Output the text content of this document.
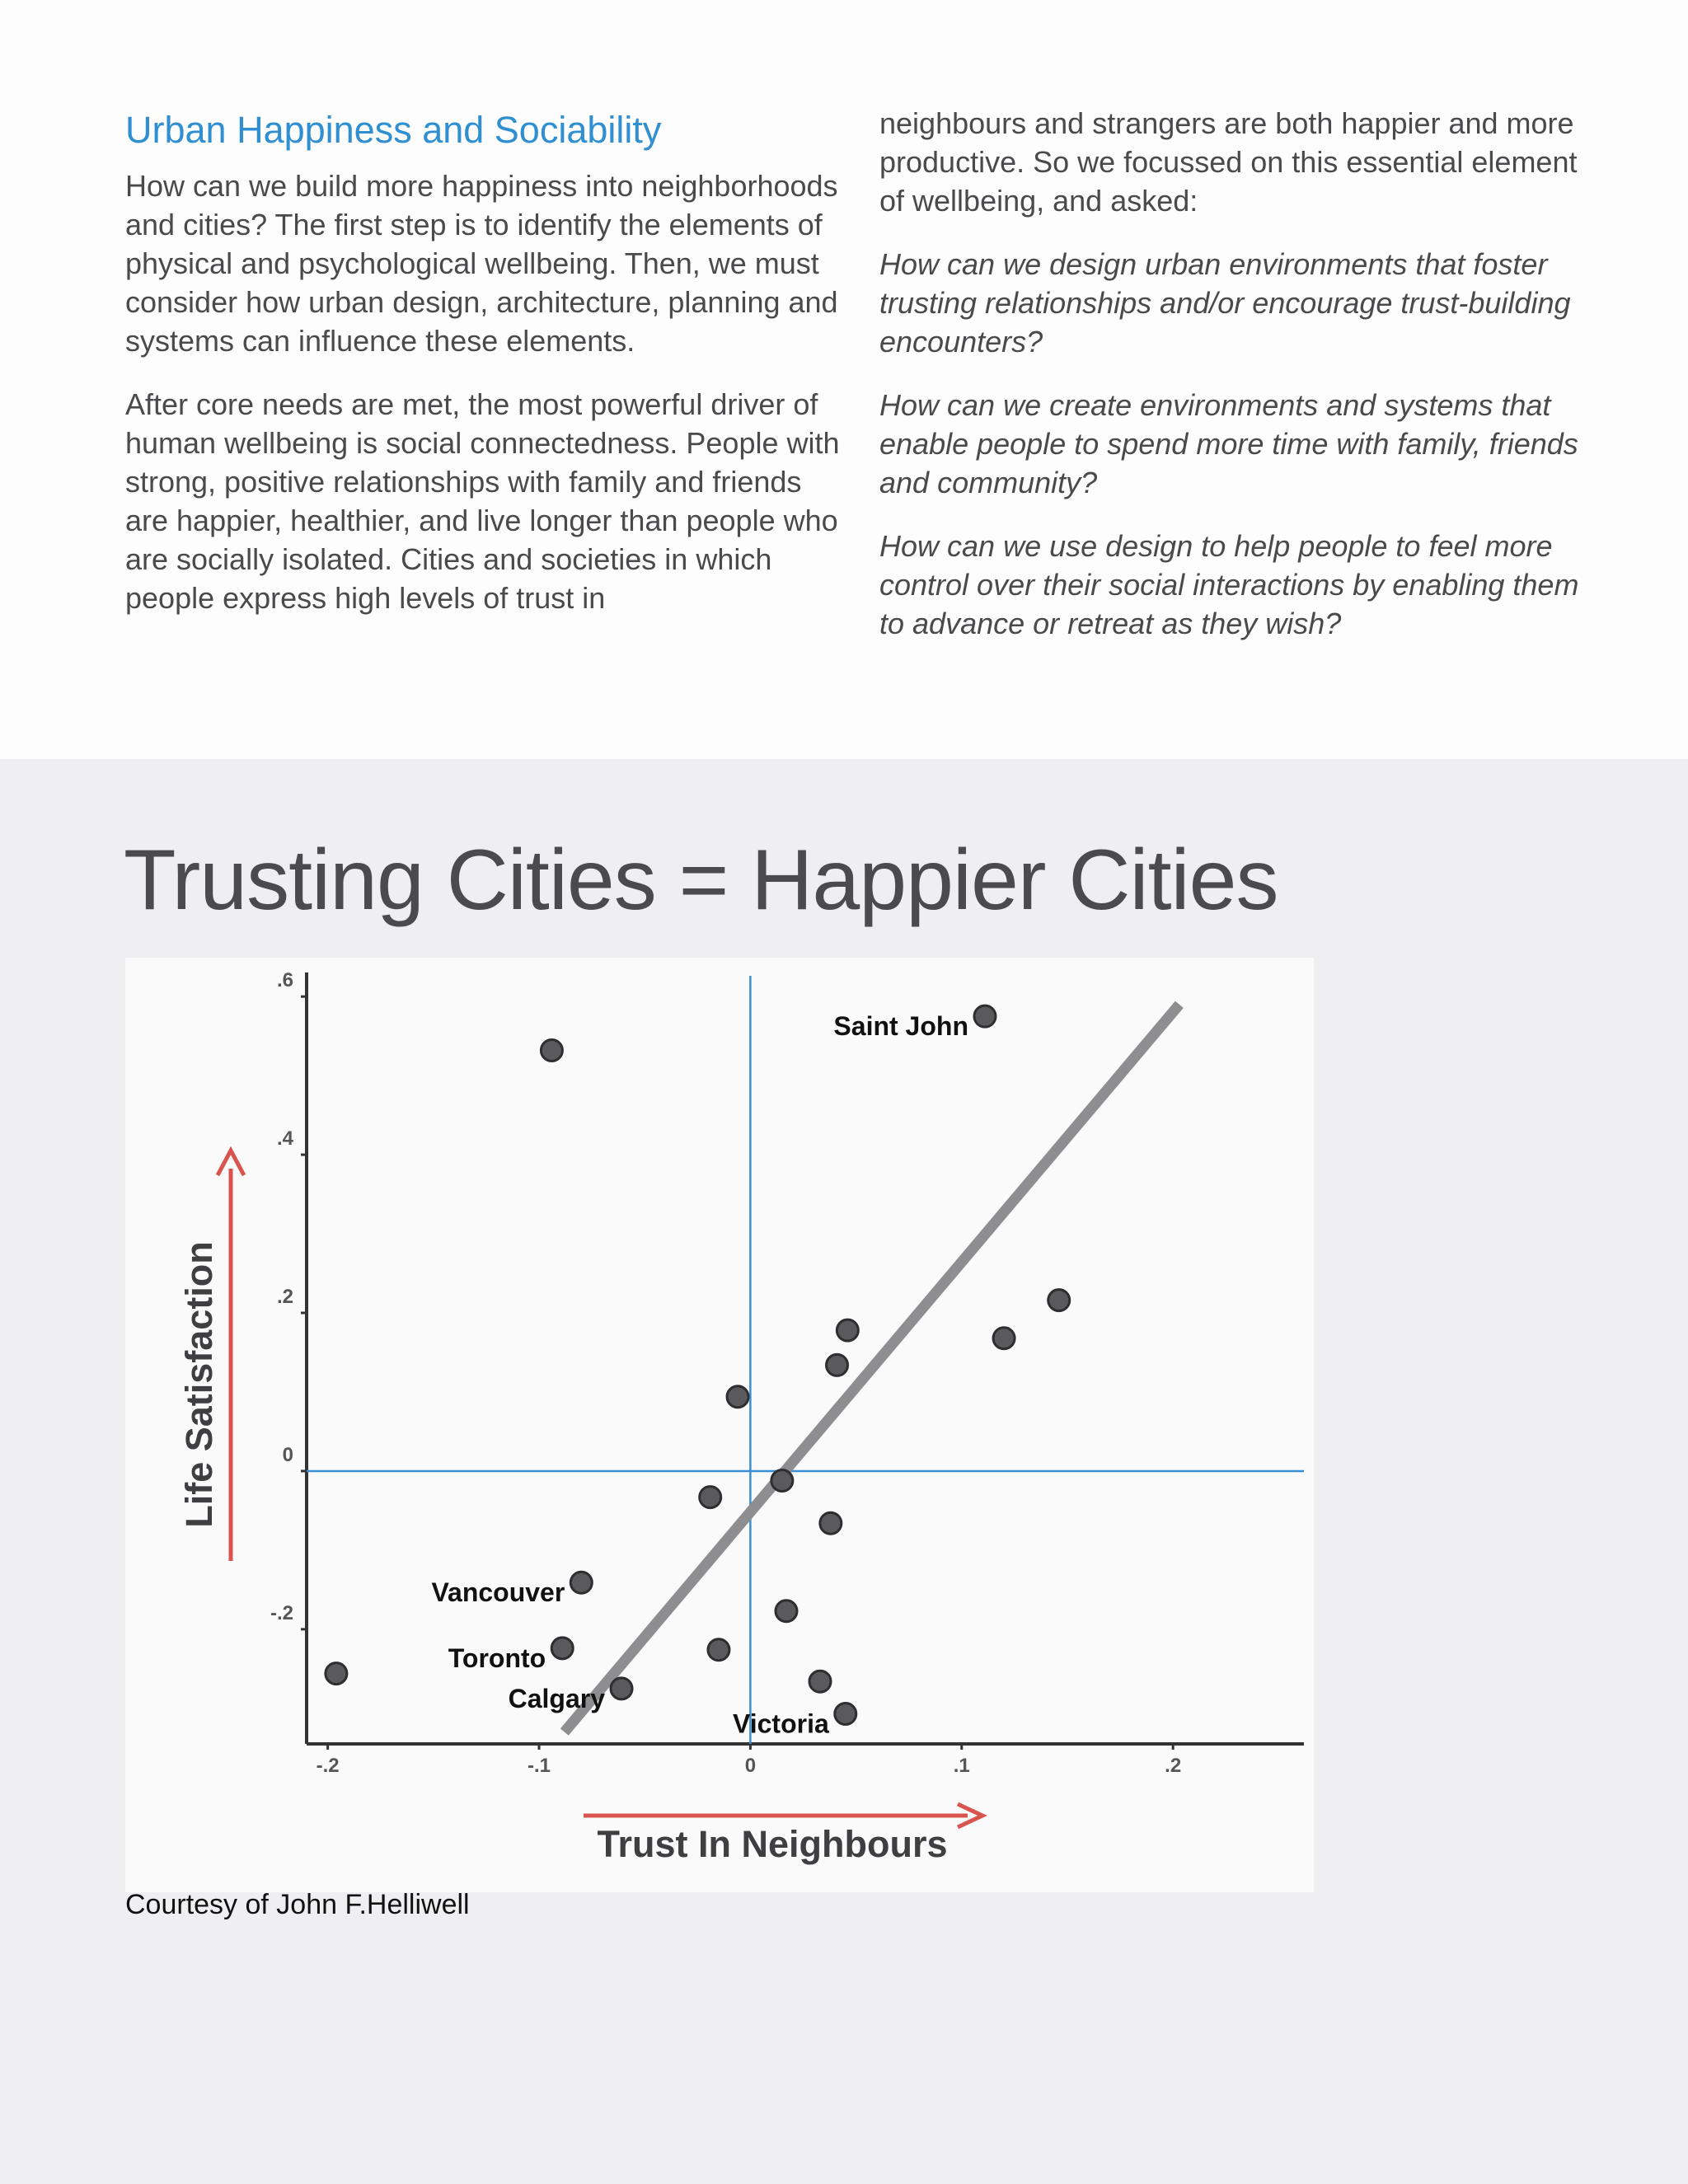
Urban Happiness and Sociability

How can we build more happiness into neighborhoods and cities? The first step is to identify the elements of physical and psychological wellbeing. Then, we must consider how urban design, architecture, planning and systems can influence these elements.

After core needs are met, the most powerful driver of human wellbeing is social connectedness. People with strong, positive relationships with family and friends are happier, healthier, and live longer than people who are socially isolated. Cities and societies in which people express high levels of trust in

neighbours and strangers are both happier and more productive. So we focussed on this essential element of wellbeing, and asked:

How can we design urban environments that foster trusting relationships and/or encourage trust-building encounters?

How can we create environments and systems that enable people to spend more time with family, friends and community?

How can we use design to help people to feel more control over their social interactions by enabling them to advance or retreat as they wish?

Trusting Cities = Happier Cities
-.2	-.1	0	.1	.2
-.2
0
.2
.4
.6
Saint John
Vancouver
Toronto
Calgary
Victoria
Trust In Neighbours
Life Satisfaction
Courtesy of John F.Helliwell
